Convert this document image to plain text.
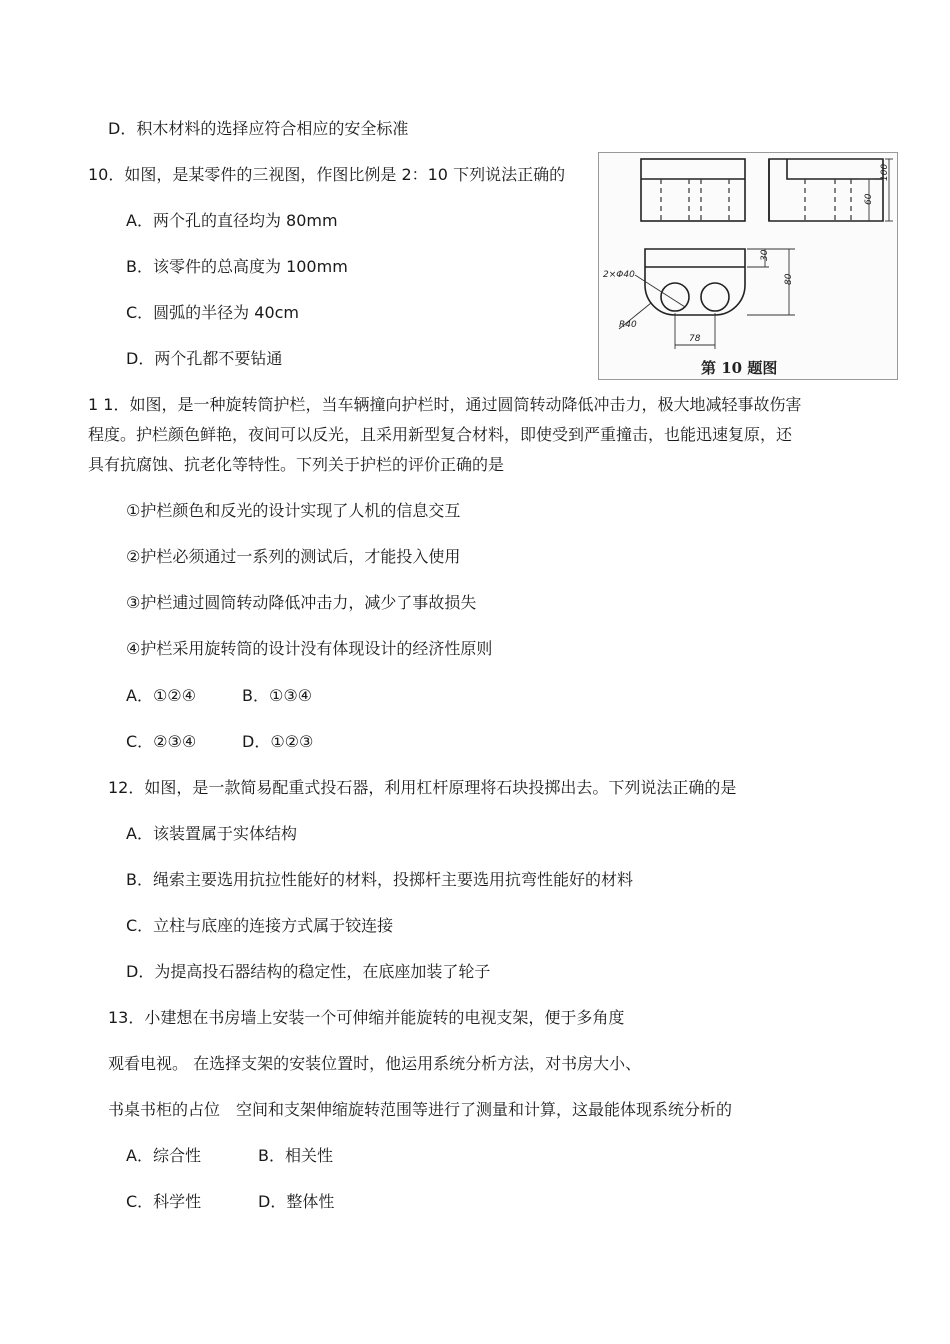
D．积木材料的选择应符合相应的安全标准
10．如图，是某零件的三视图，作图比例是 2：10 下列说法正确的
A．两个孔的直径均为 80mm
B．该零件的总高度为 100mm
C．圆弧的半径为 40cm
D．两个孔都不要钻通
100
60
30
80
2×Φ40
R40
78
第 10 题图
1 1．如图，是一种旋转筒护栏，当车辆撞向护栏时，通过圆筒转动降低冲击力，极大地减轻事故伤害
程度。护栏颜色鲜艳，夜间可以反光，且采用新型复合材料，即使受到严重撞击，也能迅速复原，还
具有抗腐蚀、抗老化等特性。下列关于护栏的评价正确的是
①护栏颜色和反光的设计实现了人机的信息交互
②护栏必须通过一系列的测试后，才能投入使用
③护栏逋过圆筒转动降低冲击力，减少了事故损失
④护栏采用旋转筒的设计没有体现设计的经济性原则
A．①②④	B．①③④
C．②③④	D．①②③
12．如图，是一款简易配重式投石器，利用杠杆原理将石块投掷出去。下列说法正确的是
A．该装置属于实体结构
B．绳索主要选用抗拉性能好的材料，投掷杆主要选用抗弯性能好的材料
C．立柱与底座的连接方式属于铰连接
D．为提高投石器结构的稳定性，在底座加装了轮子
13．小建想在书房墙上安装一个可伸缩并能旋转的电视支架，便于多角度
观看电视。 在选择支架的安装位置时，他运用系统分析方法，对书房大小、
书桌书柜的占位　空间和支架伸缩旋转范围等进行了测量和计算，这最能体现系统分析的
A．综合性	B．相关性
C．科学性	D．整体性
